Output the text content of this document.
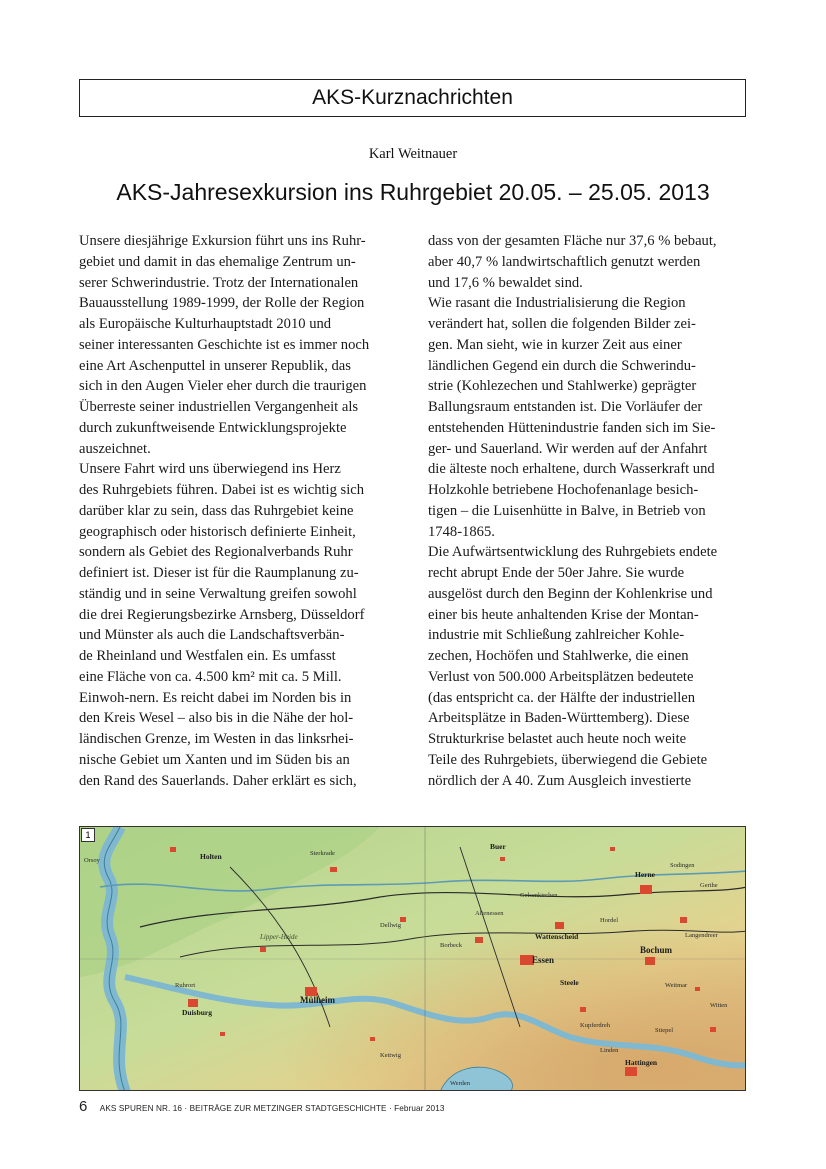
AKS-Kurznachrichten
Karl Weitnauer
AKS-Jahresexkursion ins Ruhrgebiet 20.05. – 25.05. 2013
Unsere diesjährige Exkursion führt uns ins Ruhr-
gebiet und damit in das ehemalige Zentrum un-
serer Schwerindustrie. Trotz der Internationalen
Bauausstellung 1989-1999, der Rolle der Region
als Europäische Kulturhauptstadt 2010 und
seiner interessanten Geschichte ist es immer noch
eine Art Aschenputtel in unserer Republik, das
sich in den Augen Vieler eher durch die traurigen
Überreste seiner industriellen Vergangenheit als
durch zukunftweisende Entwicklungsprojekte
auszeichnet.
Unsere Fahrt wird uns überwiegend ins Herz
des Ruhrgebiets führen. Dabei ist es wichtig sich
darüber klar zu sein, dass das Ruhrgebiet keine
geographisch oder historisch definierte Einheit,
sondern als Gebiet des Regionalverbands Ruhr
definiert ist. Dieser ist für die Raumplanung zu-
ständig und in seine Verwaltung greifen sowohl
die drei Regierungsbezirke Arnsberg, Düsseldorf
und Münster als auch die Landschaftsverbän-
de Rheinland und Westfalen ein. Es umfasst
eine Fläche von ca. 4.500 km² mit ca. 5 Mill.
Einwoh-nern. Es reicht dabei im Norden bis in
den Kreis Wesel – also bis in die Nähe der hol-
ländischen Grenze, im Westen in das linksrhei-
nische Gebiet um Xanten und im Süden bis an
den Rand des Sauerlands. Daher erklärt es sich,
dass von der gesamten Fläche nur 37,6 % bebaut,
aber 40,7 % landwirtschaftlich genutzt werden
und 17,6 % bewaldet sind.
Wie rasant die Industrialisierung die Region
verändert hat, sollen die folgenden Bilder zei-
gen. Man sieht, wie in kurzer Zeit aus einer
ländlichen Gegend ein durch die Schwerindu-
strie (Kohlezechen und Stahlwerke) geprägter
Ballungsraum entstanden ist. Die Vorläufer der
entstehenden Hüttenindustrie fanden sich im Sie-
ger- und Sauerland. Wir werden auf der Anfahrt
die älteste noch erhaltene, durch Wasserkraft und
Holzkohle betriebene Hochofenanlage besich-
tigen – die Luisenhütte in Balve, in Betrieb von
1748-1865.
Die Aufwärtsentwicklung des Ruhrgebiets endete
recht abrupt Ende der 50er Jahre. Sie wurde
ausgelöst durch den Beginn der Kohlenkrise und
einer bis heute anhaltenden Krise der Montan-
industrie mit Schließung zahlreicher Kohle-
zechen, Hochöfen und Stahlwerke, die einen
Verlust von 500.000 Arbeitsplätzen bedeutete
(das entspricht ca. der Hälfte der industriellen
Arbeitsplätze in Baden-Württemberg). Diese
Strukturkrise belastet auch heute noch weite
Teile des Ruhrgebiets, überwiegend die Gebiete
nördlich der A 40. Zum Ausgleich investierte
Orsoy	Holten	Sterkrade
Buer
Gelsenkirchen
Herne
Gerthe
Bochum
Wattenscheid
Essen
Steele
Mülheim
Duisburg
Ruhrort
Lipper-Heide
Hattingen
Werden
Stiepel
Kettwig
Witten
Kupferdreh
Borbeck
Altenessen
Dellwig
Sodingen
Hordel
Weitmar
Linden
Langendreer
1
6 AKS SPUREN NR. 16 · BEITRÄGE ZUR METZINGER STADTGESCHICHTE · Februar 2013
